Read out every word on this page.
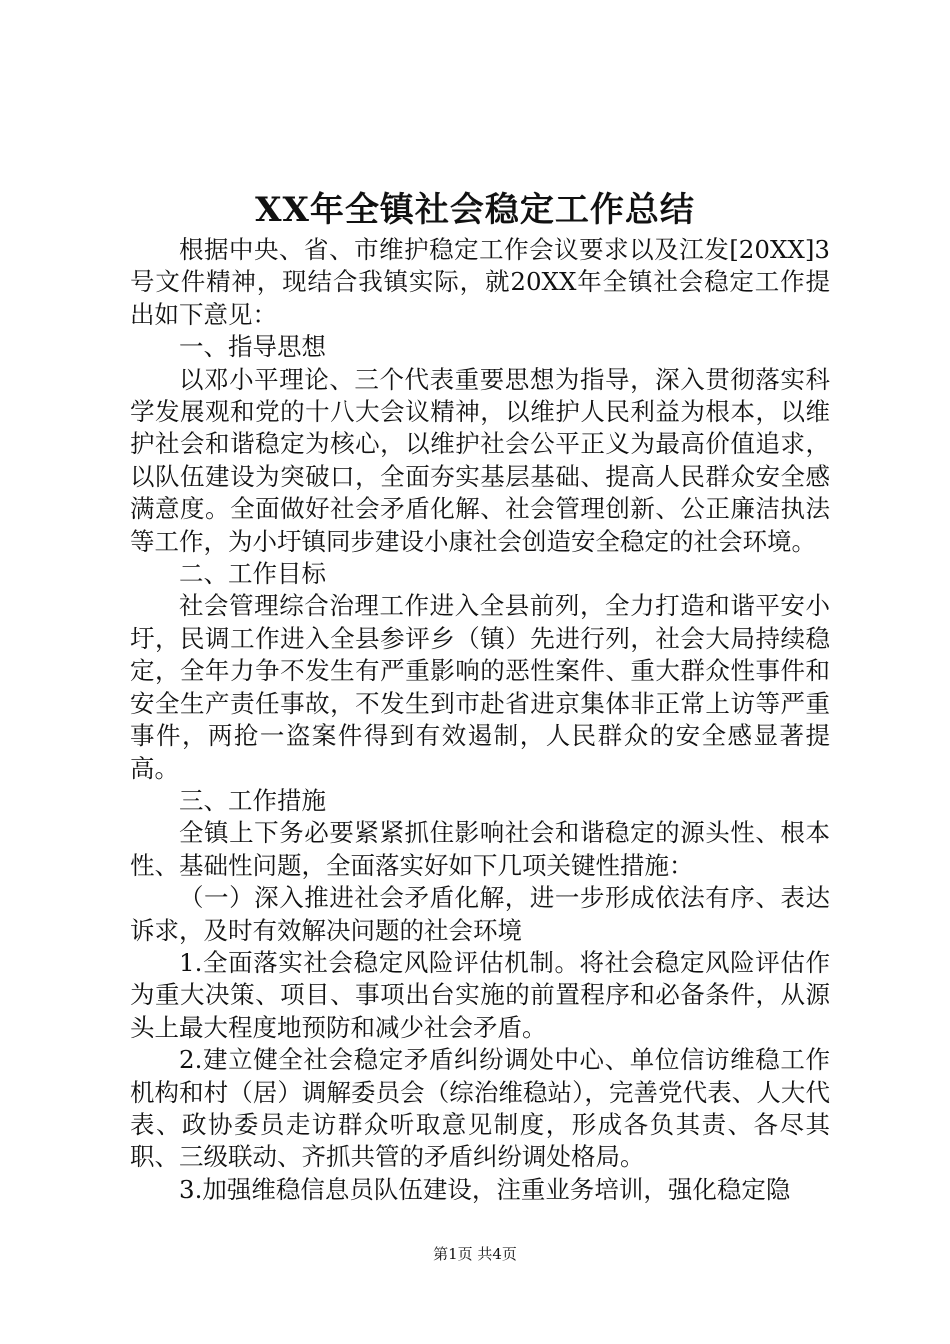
XX年全镇社会稳定工作总结

根据中央、省、市维护稳定工作会议要求以及江发[20XX]3号文件精神，现结合我镇实际，就20XX年全镇社会稳定工作提出如下意见：

一、指导思想

以邓小平理论、三个代表重要思想为指导，深入贯彻落实科学发展观和党的十八大会议精神，以维护人民利益为根本，以维护社会和谐稳定为核心，以维护社会公平正义为最高价值追求，以队伍建设为突破口，全面夯实基层基础、提高人民群众安全感满意度。全面做好社会矛盾化解、社会管理创新、公正廉洁执法等工作，为小圩镇同步建设小康社会创造安全稳定的社会环境。

二、工作目标

社会管理综合治理工作进入全县前列，全力打造和谐平安小圩，民调工作进入全县参评乡（镇）先进行列，社会大局持续稳定，全年力争不发生有严重影响的恶性案件、重大群众性事件和安全生产责任事故，不发生到市赴省进京集体非正常上访等严重事件，两抢一盗案件得到有效遏制，人民群众的安全感显著提高。

三、工作措施

全镇上下务必要紧紧抓住影响社会和谐稳定的源头性、根本性、基础性问题，全面落实好如下几项关键性措施：

（一）深入推进社会矛盾化解，进一步形成依法有序、表达诉求，及时有效解决问题的社会环境

1.全面落实社会稳定风险评估机制。将社会稳定风险评估作为重大决策、项目、事项出台实施的前置程序和必备条件，从源头上最大程度地预防和减少社会矛盾。

2.建立健全社会稳定矛盾纠纷调处中心、单位信访维稳工作机构和村（居）调解委员会（综治维稳站），完善党代表、人大代表、政协委员走访群众听取意见制度，形成各负其责、各尽其职、三级联动、齐抓共管的矛盾纠纷调处格局。

3.加强维稳信息员队伍建设，注重业务培训，强化稳定隐

第1页 共4页
